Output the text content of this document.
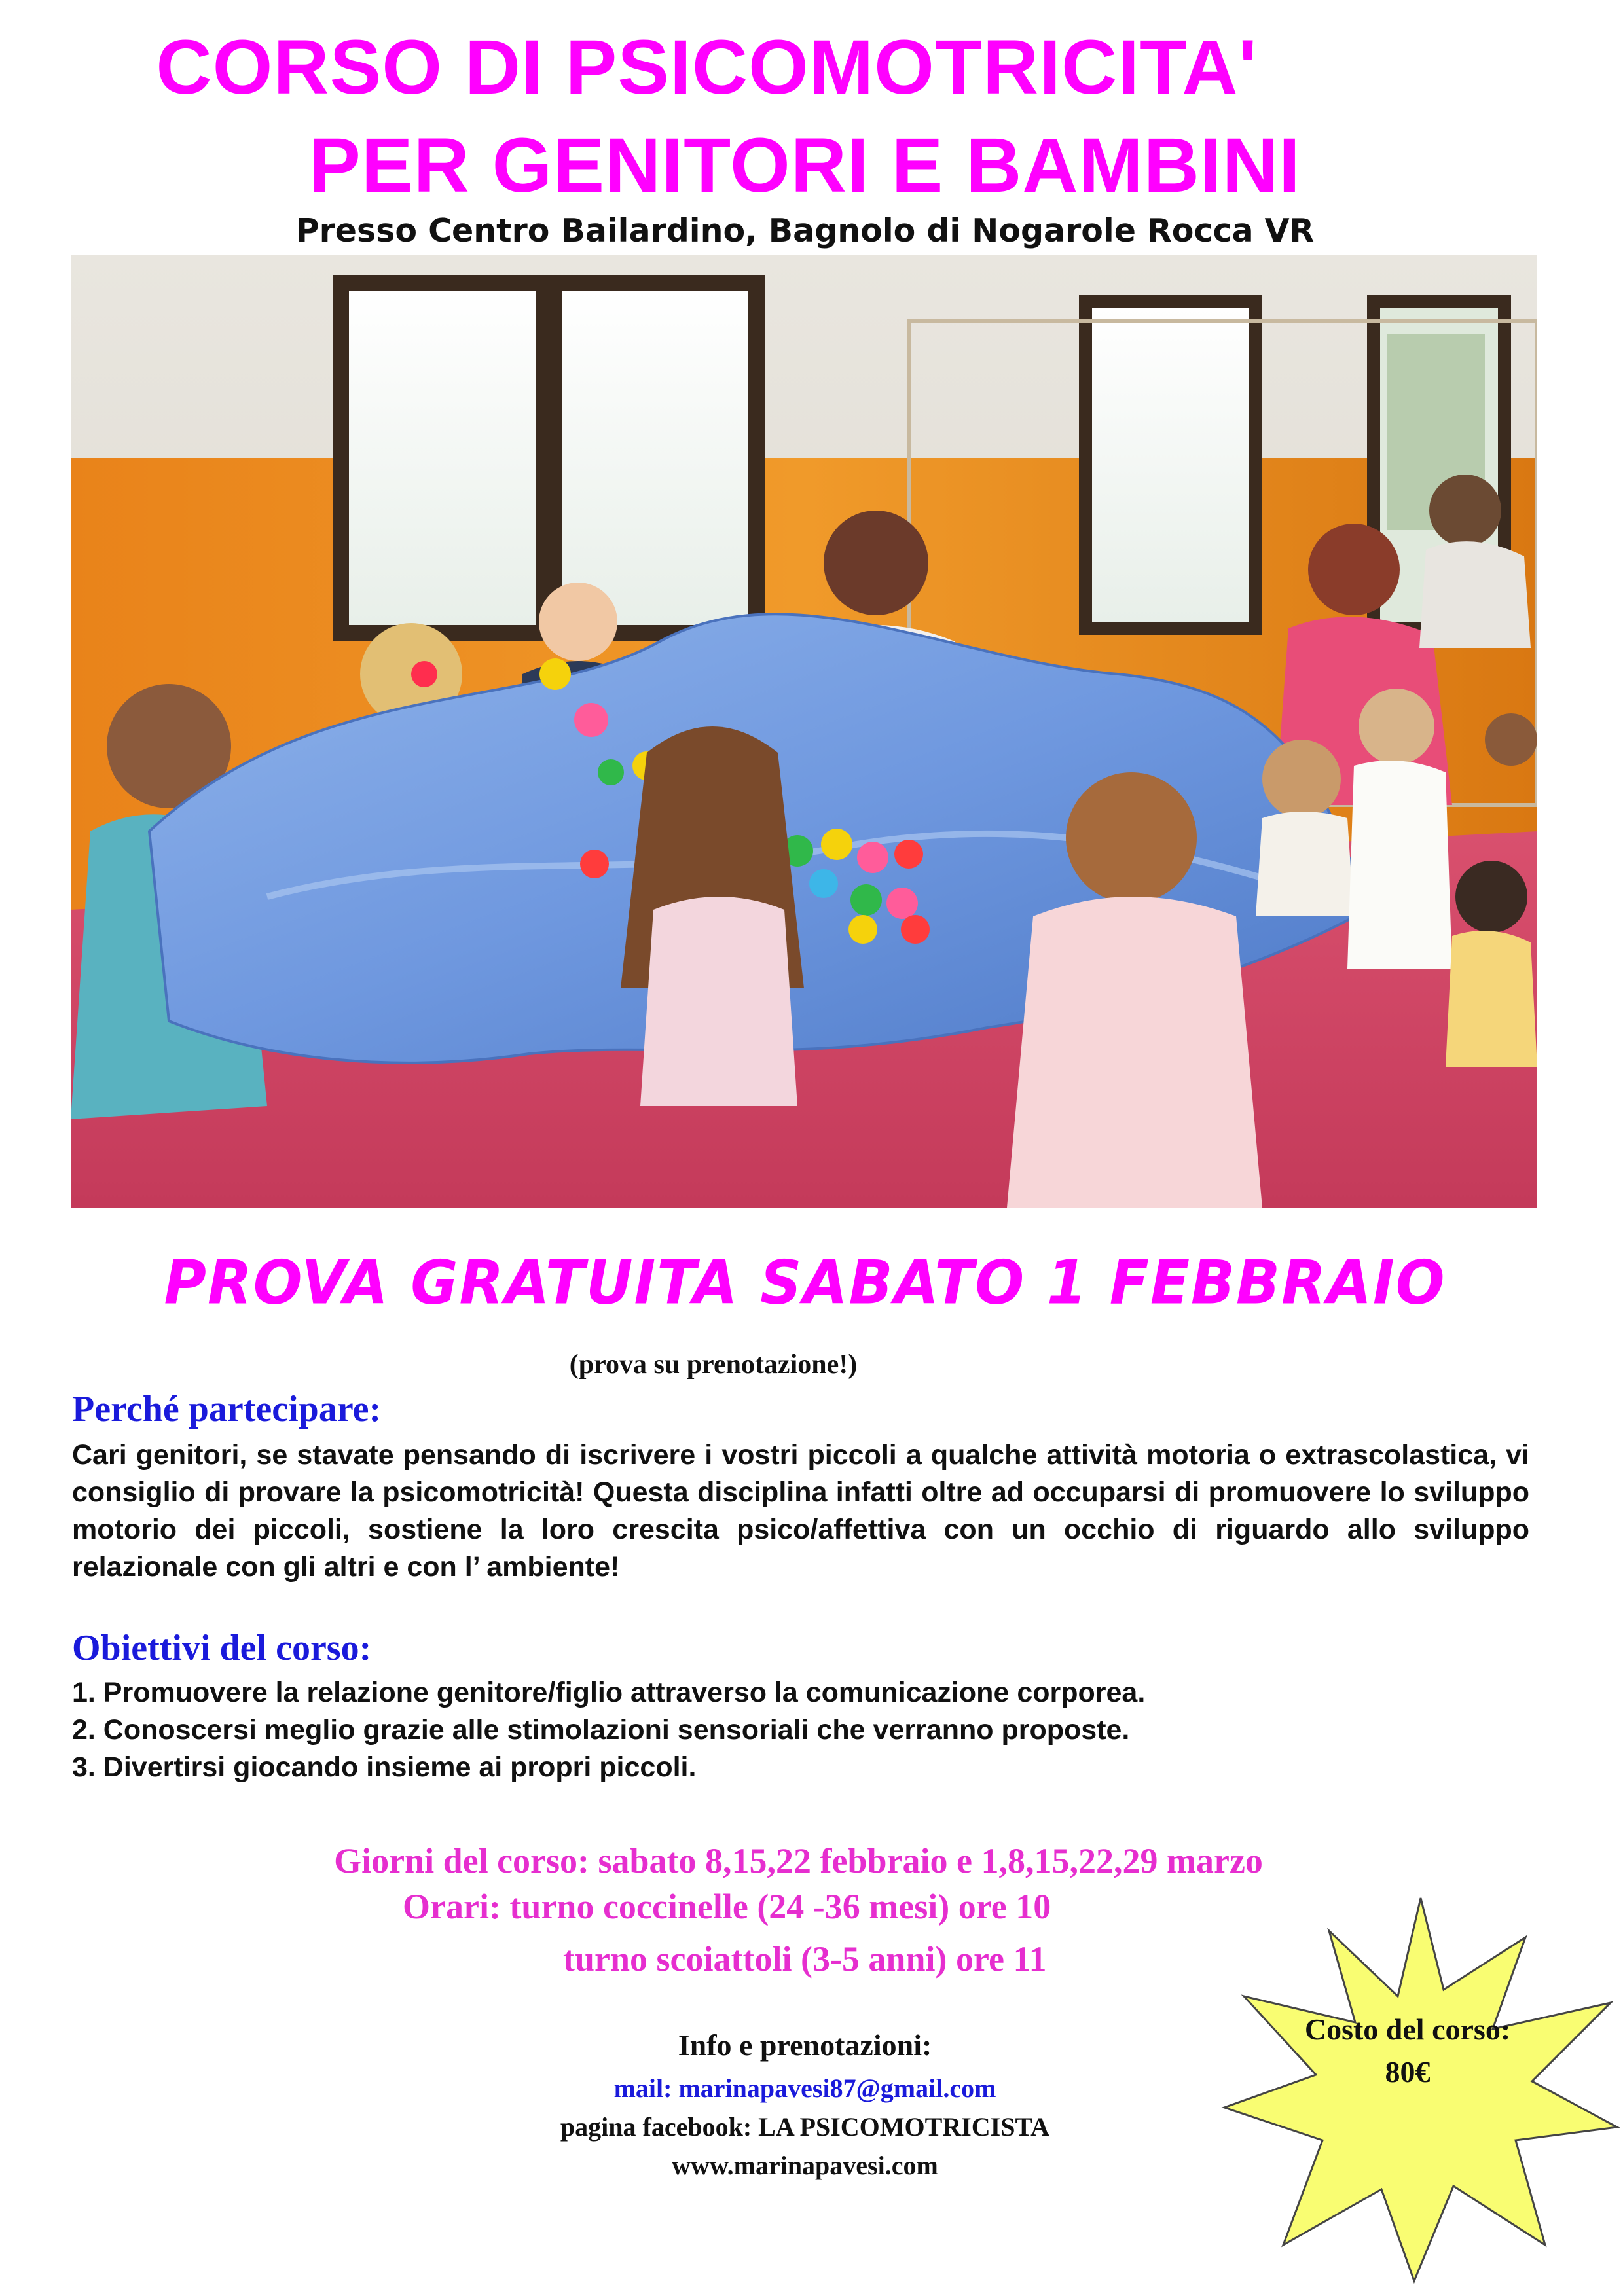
CORSO DI PSICOMOTRICITA'
PER GENITORI E BAMBINI
Presso Centro Bailardino, Bagnolo di Nogarole Rocca VR
PROVA GRATUITA SABATO 1 FEBBRAIO
(prova su prenotazione!)
Perché partecipare:
Cari genitori, se stavate pensando di iscrivere i vostri piccoli a qualche attività motoria o extrascolastica, vi consiglio di provare la psicomotricità! Questa disciplina infatti oltre ad occuparsi di promuovere lo sviluppo motorio dei piccoli, sostiene la loro crescita psico/affettiva con un occhio di riguardo allo sviluppo relazionale con gli altri e con l’ ambiente!
Obiettivi del corso:
1. Promuovere la relazione genitore/figlio attraverso la comunicazione corporea.
2. Conoscersi meglio grazie alle stimolazioni sensoriali che verranno proposte.
3. Divertirsi giocando insieme ai propri piccoli.
Giorni del corso: sabato 8,15,22 febbraio e 1,8,15,22,29 marzo
Orari: turno coccinelle (24 -36 mesi) ore 10
turno scoiattoli (3-5 anni) ore 11
Info e prenotazioni:
mail: marinapavesi87@gmail.com
pagina facebook: LA PSICOMOTRICISTA
www.marinapavesi.com
Costo del corso:
80€
